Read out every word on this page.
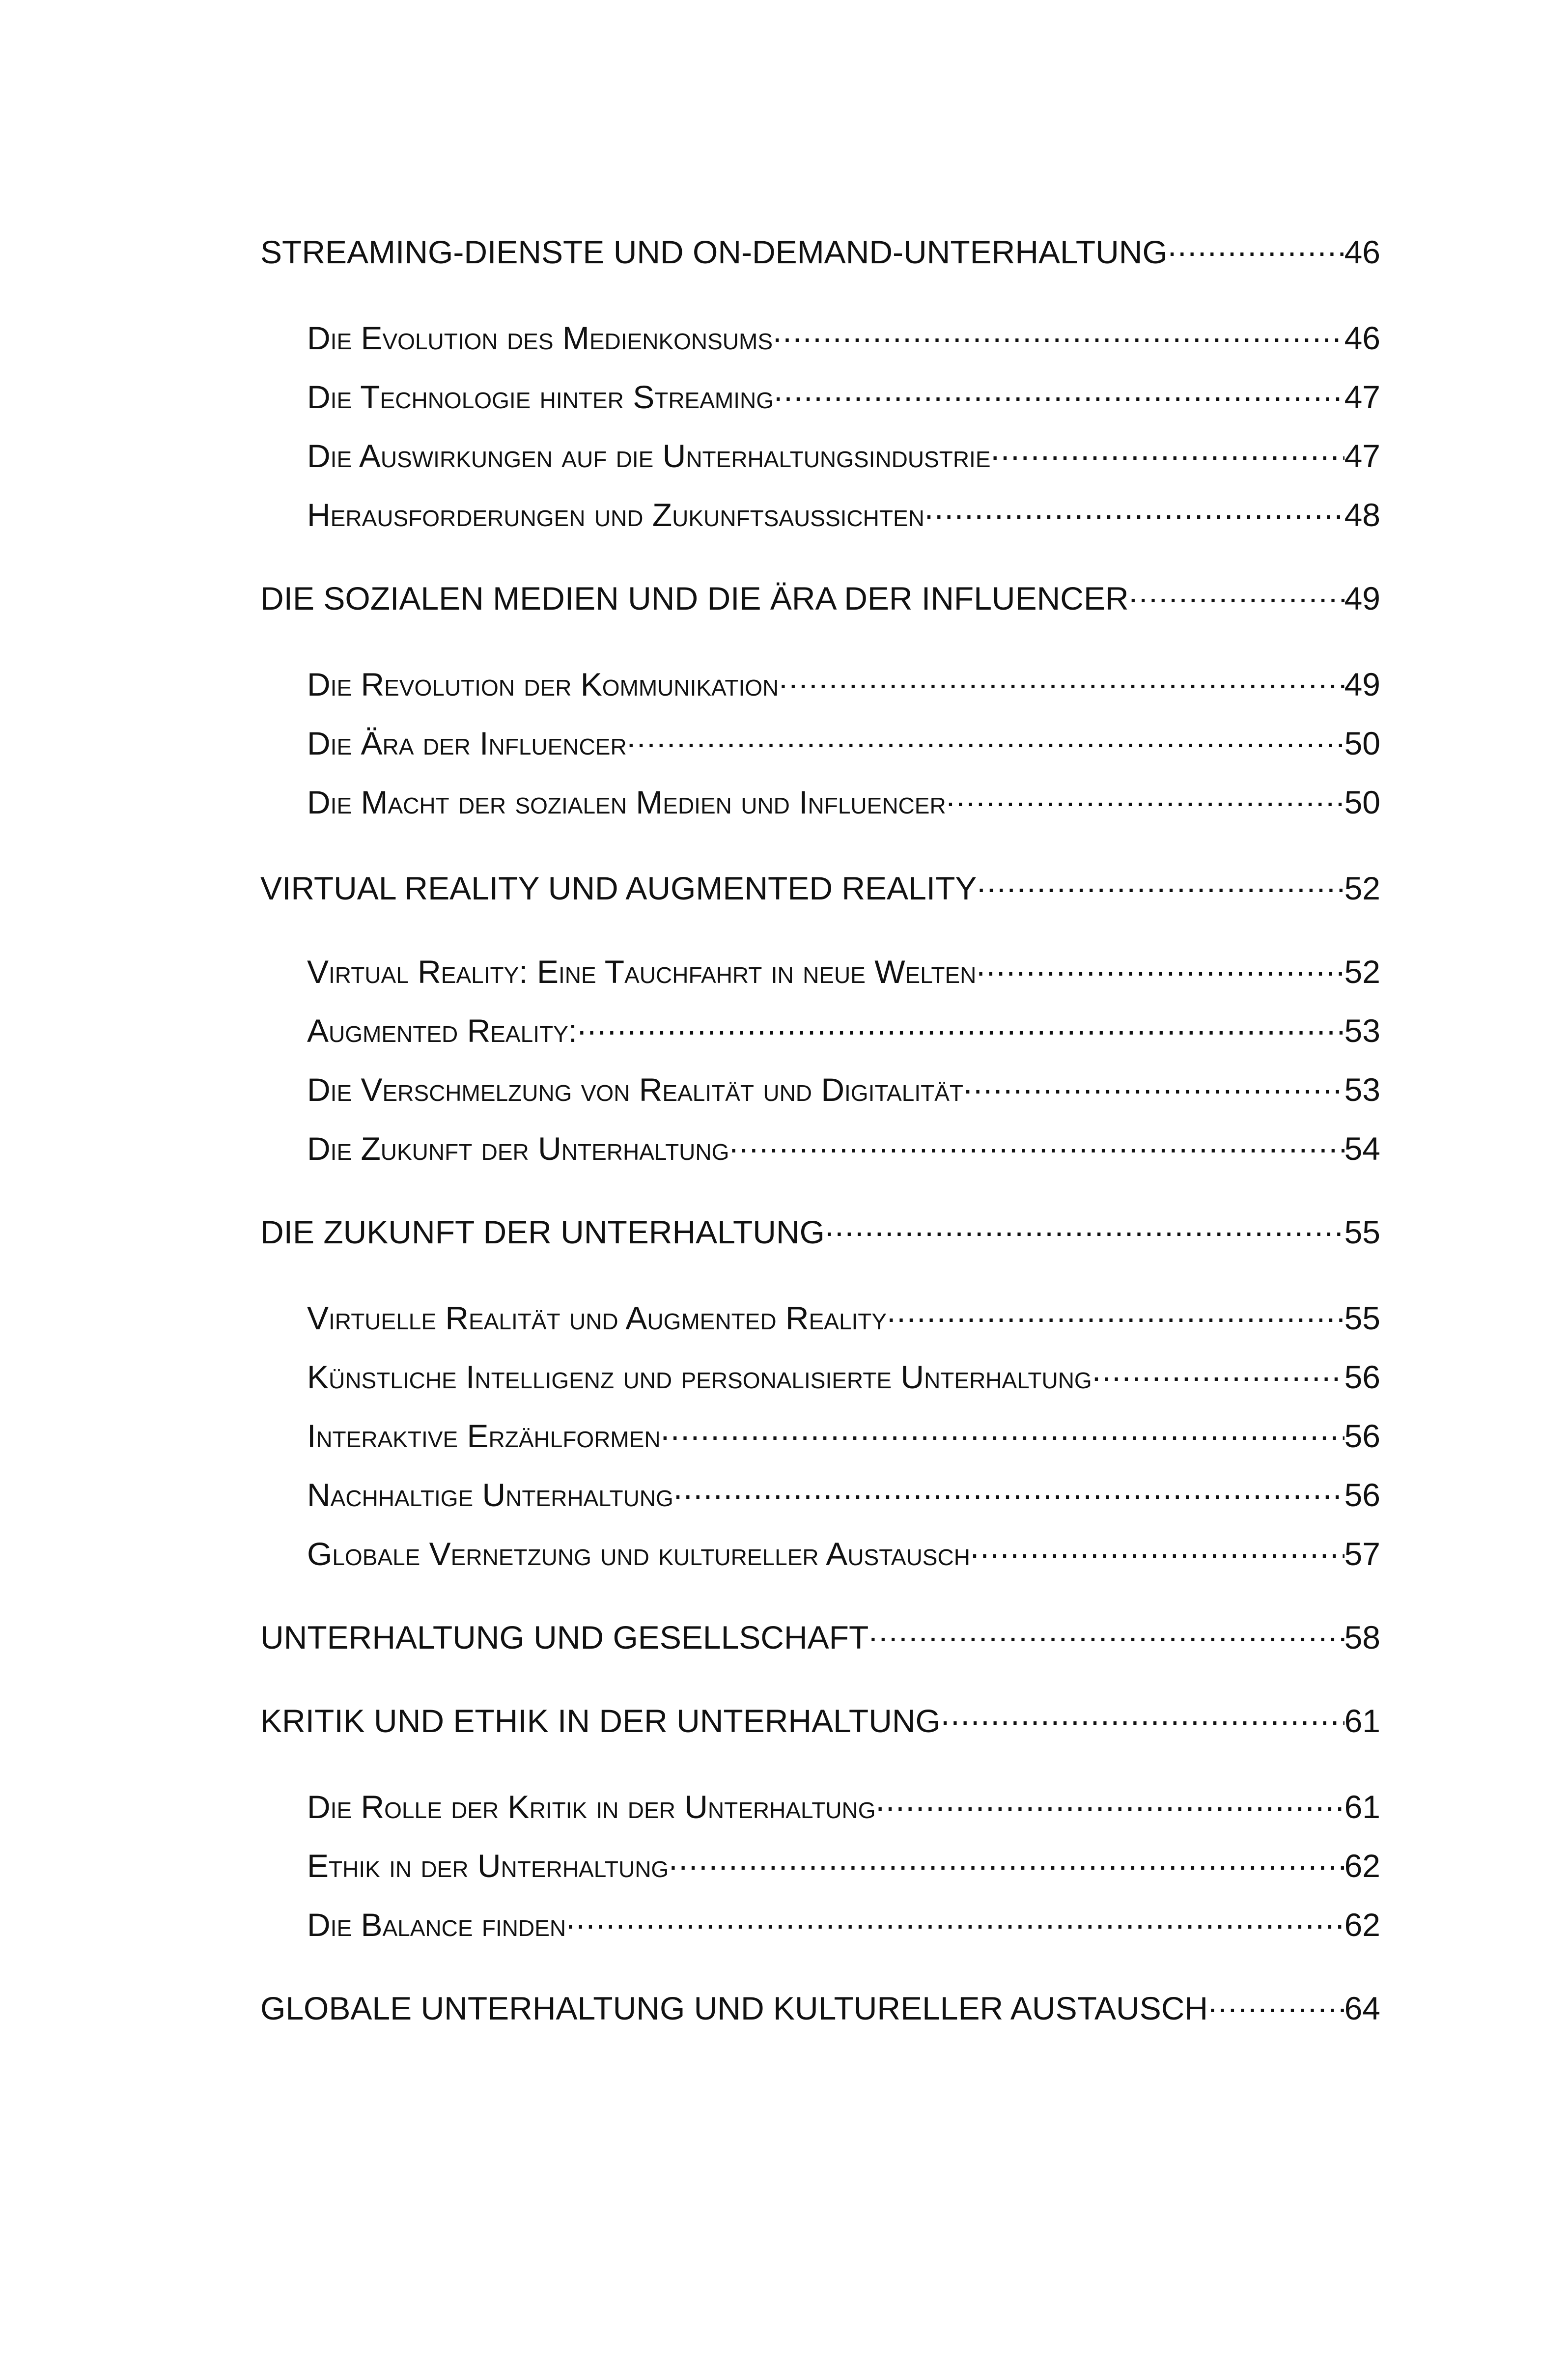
STREAMING-DIENSTE UND ON-DEMAND-UNTERHALTUNG .....	46
Die Evolution des Medienkonsums .....	46
Die Technologie hinter Streaming .....	47
Die Auswirkungen auf die Unterhaltungsindustrie .....	47
Herausforderungen und Zukunftsaussichten .....	48
DIE SOZIALEN MEDIEN UND DIE ÄRA DER INFLUENCER .....	49
Die Revolution der Kommunikation .....	49
Die Ära der Influencer .....	50
Die Macht der sozialen Medien und Influencer .....	50
VIRTUAL REALITY UND AUGMENTED REALITY .....	52
Virtual Reality: Eine Tauchfahrt in neue Welten .....	52
Augmented Reality: .....	53
Die Verschmelzung von Realität und Digitalität .....	53
Die Zukunft der Unterhaltung .....	54
DIE ZUKUNFT DER UNTERHALTUNG .....	55
Virtuelle Realität und Augmented Reality .....	55
Künstliche Intelligenz und personalisierte Unterhaltung .....	56
Interaktive Erzählformen .....	56
Nachhaltige Unterhaltung .....	56
Globale Vernetzung und kultureller Austausch .....	57
UNTERHALTUNG UND GESELLSCHAFT .....	58
KRITIK UND ETHIK IN DER UNTERHALTUNG .....	61
Die Rolle der Kritik in der Unterhaltung .....	61
Ethik in der Unterhaltung .....	62
Die Balance finden .....	62
GLOBALE UNTERHALTUNG UND KULTURELLER AUSTAUSCH .....	64
